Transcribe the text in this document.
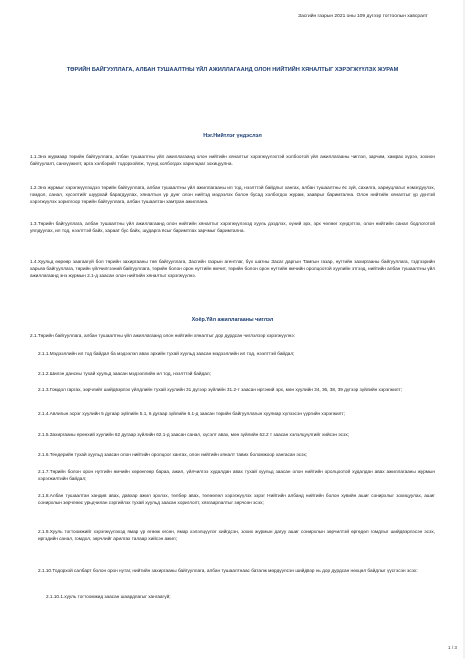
Засгийн газрын 2021 оны 109 дүгээр тогтоолын хавсралт
ТӨРИЙН БАЙГУУЛЛАГА, АЛБАН ТУШААЛТНЫ ҮЙЛ АЖИЛЛАГААНД ОЛОН НИЙТИЙН ХЯНАЛТЫГ ХЭРЭГЖҮҮЛЭХ ЖУРАМ
Нэг.Нийтлэг үндэслэл

1.1.Энэ журмаар төрийн байгууллага, албан тушаалтны үйл ажиллагаанд олон нийтийн хяналтыг хэрэгжүүлэхтэй холбоотой үйл ажиллагааны чиглэл, зарчим, хамрах хүрээ, зохион байгуулалт, санхүүжилт, арга хэлбэрийг тодорхойлж, түүнд холбогдох харилцааг зохицуулна.

1.2.Энэ журмыг хэрэгжүүлэхдээ төрийн байгууллага, албан тушаалтны үйл ажиллагааны ил тод, нээлттэй байдлыг хангах, албан тушаалтны ёс зүй, сахилга, хариуцлагыг нэмэгдүүлэх, гомдол, санал, хүсэлтийг шуурхай барагдуулах, хяналтын үр дүнг олон нийтэд мэдээлэх болон бусад холбогдох журам, зааврыг баримтална. Олон нийтийн хяналтыг үр дүнтэй хэрэгжүүлэх зорилгоор төрийн байгууллага, албан тушаалтан хамтран ажиллана.

1.3.Төрийн байгууллага, албан тушаалтны үйл ажиллагаанд олон нийтийн хяналтыг хэрэгжүүлэхэд хууль дээдлэх, хүний эрх, эрх чөлөөг хүндэтгэх, олон нийтийн санал бодлоготой уялдуулах, ил тод, нээлттэй байх, хараат бус байх, шударга ёсыг баримтлах зарчмыг баримтална.

1.4.Хуульд өөрөөр заагаагүй бол төрийн захиргааны төв байгууллага, Засгийн газрын агентлаг, бүх шатны Засаг даргын Тамгын газар, нутгийн захиргааны байгууллага, тэдгээрийн харьяа байгууллага, төрийн үйлчилгээний байгууллага, төрийн болон орон нутгийн өмчит, төрийн болон орон нутгийн өмчийн оролцоотой хуулийн этгээд, нийтийн албан тушаалтны үйл ажиллагаанд энэ журмын 2.1-д заасан олон нийтийн хяналтыг хэрэгжүүлнэ.

Хоёр.Үйл ажиллагааны чиглэл

2.1.Төрийн байгууллага, албан тушаалтны үйл ажиллагаанд олон нийтийн хяналтыг дор дурдсан чиглэлээр хэрэгжүүлнэ:

2.1.1.Мэдээллийн ил тод байдал ба мэдээлэл авах эрхийн тухай хуульд заасан мэдээллийн ил тод, нээлттэй байдал;

2.1.2.Шилэн дансны тухай хуульд заасан мэдээллийн ил тод, нээлттэй байдал;

2.1.3.Гомдол гаргах, зөрчлийг шийдвэрлэх үйлдлийн тухай хуулийн 31 дүгээр зүйлийн 31.2-т заасан иргэний эрх, мөн хуулийн 34, 36, 38, 39 дүгээр зүйлийн хэрэгжилт;

2.1.4.Авлигын эсрэг хуулийн 5 дугаар зүйлийн 5.1, 6 дугаар зүйлийн 6.1-д заасан төрийн байгууллагын хуулиар хүлээсэн үүргийн хэрэгжилт;

2.1.5.Захиргааны ерөнхий хуулийн 62 дугаар зүйлийн 62.1-д заасан санал, хүсэлт авах, мөн зүйлийн 62.2 т заасан хэлэлцүүлгийг хийсэн эсэх;

2.1.6.Тендерийн тухай хуульд заасан олон нийтийн оролцоог хангах, олон нийтийн хяналт тавих боломжоор хангасан эсэх;

2.1.7.Төрийн болон орон нутгийн өмчийн хөрөнгөөр бараа, ажил, үйлчилгээ худалдан авах тухай хуульд заасан олон нийтийн оролцоотой худалдан авах ажиллагааны журмын хэрэгжилтийн байдал;

2.1.8.Албан тушаалтан хандив авах, давхар ажил эрхлэх, төлбөр авах, төлөөлөл хэрэгжүүлэх зэрэг Нийтийн албанд нийтийн болон хувийн ашиг сонирхлыг зохицуулах, ашиг сонирхлын зөрчлөөс урьдчилан сэргийлэх тухай хуульд заасан хориглолт, хязгаарлалтыг зөрчсөн эсэх;

2.1.9.Хууль тогтоомжийг хэрэгжүүлэхэд ямар үр өгөөж өгсөн, ямар хэлэлцүүлэг хийгдсэн, зохих журмын дагуу ашиг сонирхлын зөрчилтэй өргөдөл гомдлыг шийдвэрлэсэн эсэх, иргэдийн санал, гомдол, зөрчлийг арилгах талаар хийсэн ажил;

2.1.10.Тодорхой салбарт болон орон нутаг, нийтийн захиргааны байгууллага, албан тушаалтнаас баталж мөрдүүлсэн шийдвэр нь дор дурдсан нөхцөл байдлыг үүсгэсэн эсэх:

2.1.10.1.хууль тогтоомжид заасан шаардлагыг хангаагүй;

1 / 3
